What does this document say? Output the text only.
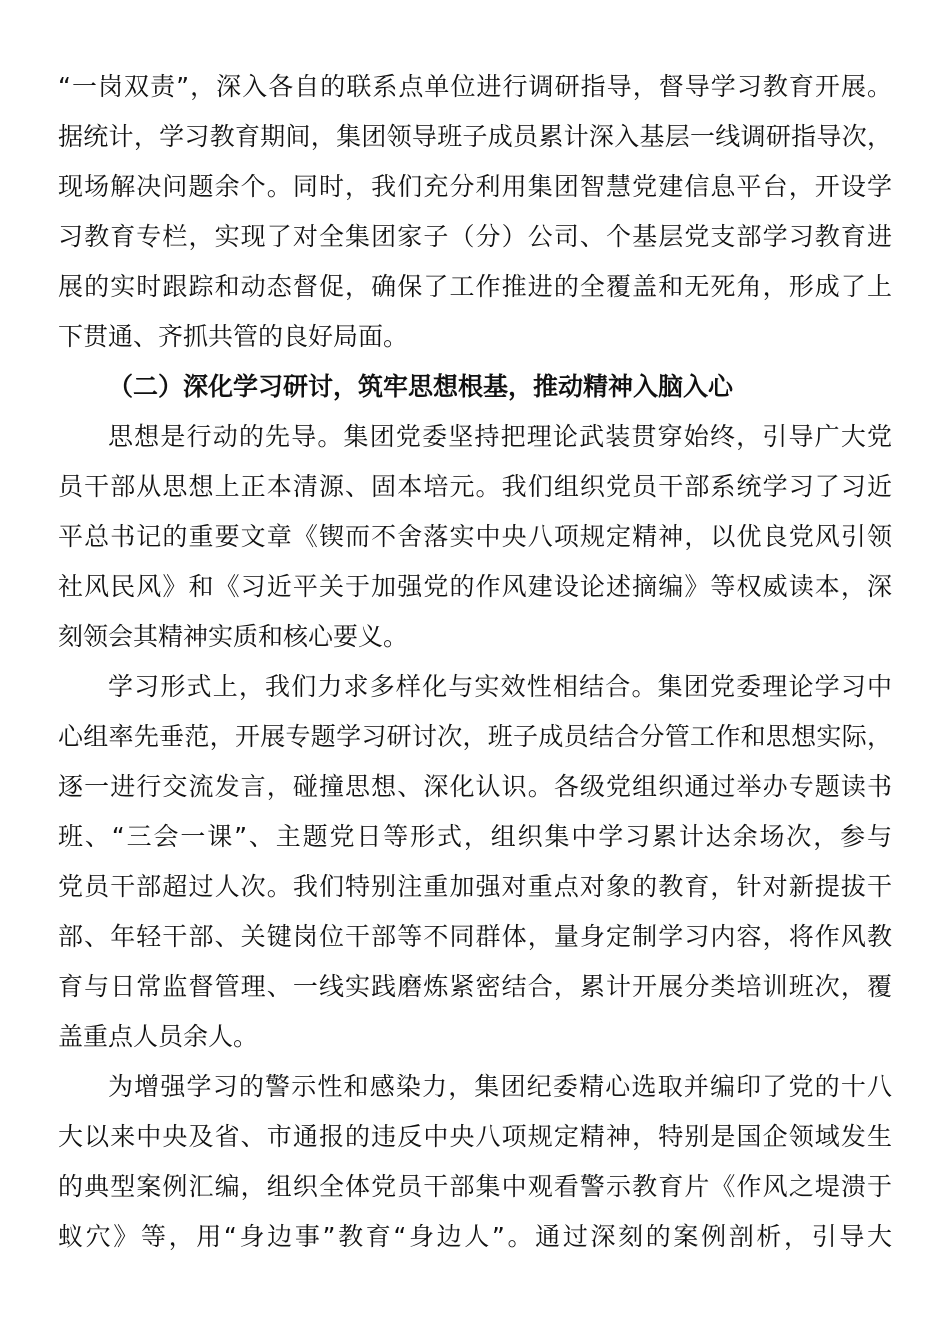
“一岗双责”，深入各自的联系点单位进行调研指导，督导学习教育开展。
据统计，学习教育期间，集团领导班子成员累计深入基层一线调研指导次，
现场解决问题余个。同时，我们充分利用集团智慧党建信息平台，开设学
习教育专栏，实现了对全集团家子（分）公司、个基层党支部学习教育进
展的实时跟踪和动态督促，确保了工作推进的全覆盖和无死角，形成了上
下贯通、齐抓共管的良好局面。
（二）深化学习研讨，筑牢思想根基，推动精神入脑入心
思想是行动的先导。集团党委坚持把理论武装贯穿始终，引导广大党
员干部从思想上正本清源、固本培元。我们组织党员干部系统学习了习近
平总书记的重要文章《锲而不舍落实中央八项规定精神，以优良党风引领
社风民风》和《习近平关于加强党的作风建设论述摘编》等权威读本，深
刻领会其精神实质和核心要义。
学习形式上，我们力求多样化与实效性相结合。集团党委理论学习中
心组率先垂范，开展专题学习研讨次，班子成员结合分管工作和思想实际，
逐一进行交流发言，碰撞思想、深化认识。各级党组织通过举办专题读书
班、“三会一课”、主题党日等形式，组织集中学习累计达余场次，参与
党员干部超过人次。我们特别注重加强对重点对象的教育，针对新提拔干
部、年轻干部、关键岗位干部等不同群体，量身定制学习内容，将作风教
育与日常监督管理、一线实践磨炼紧密结合，累计开展分类培训班次，覆
盖重点人员余人。
为增强学习的警示性和感染力，集团纪委精心选取并编印了党的十八
大以来中央及省、市通报的违反中央八项规定精神，特别是国企领域发生
的典型案例汇编，组织全体党员干部集中观看警示教育片《作风之堤溃于
蚁穴》等，用“身边事”教育“身边人”。通过深刻的案例剖析，引导大
